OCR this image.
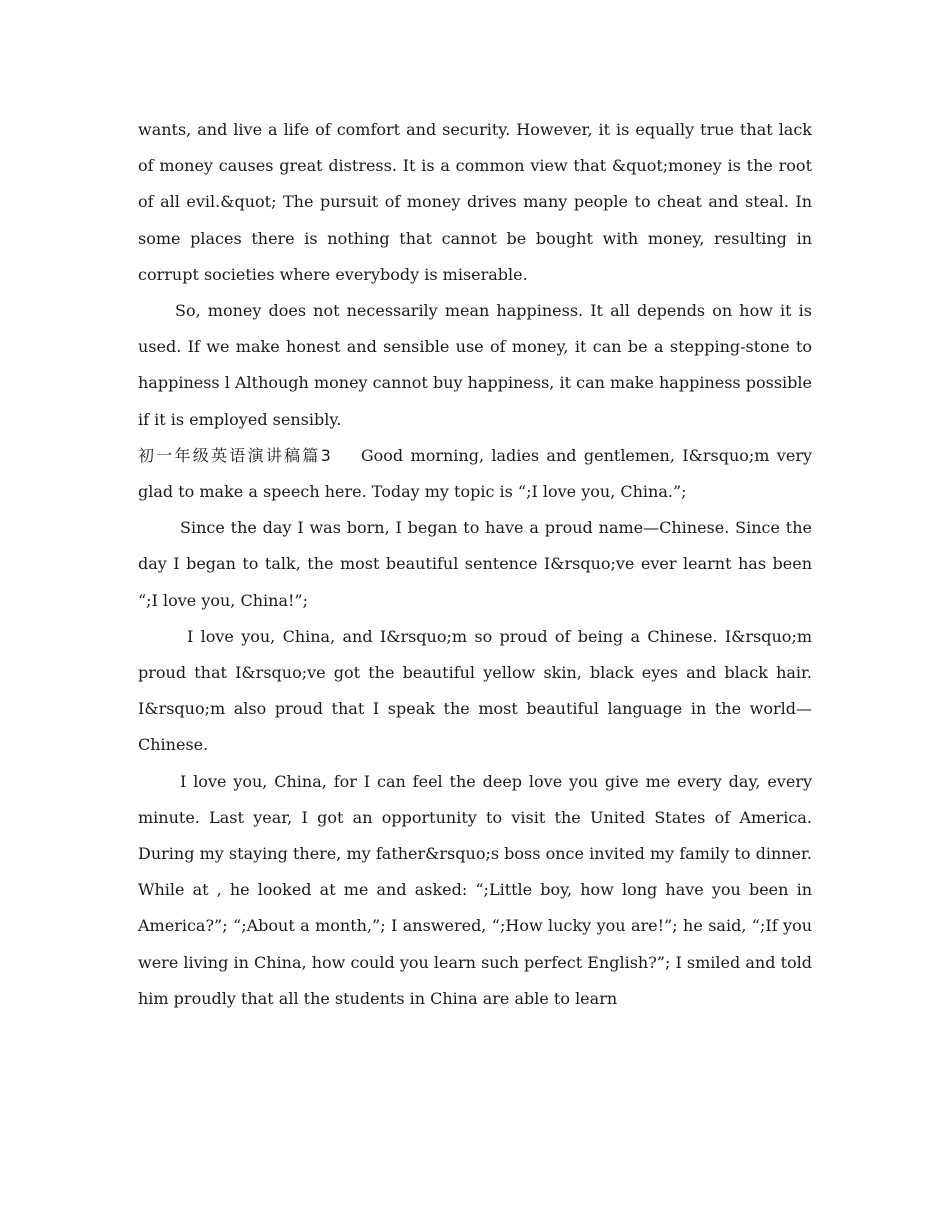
wants, and live a life of comfort and security. However, it is equally true that lack of money causes great distress. It is a common view that &quot;money is the root of all evil.&quot; The pursuit of money drives many people to cheat and steal. In some places there is nothing that cannot be bought with money, resulting in corrupt societies where everybody is miserable.

So, money does not necessarily mean happiness. It all depends on how it is used. If we make honest and sensible use of money, it can be a stepping-stone to happiness l Although money cannot buy happiness, it can make happiness possible if it is employed sensibly.

初一年级英语演讲稿篇3 Good morning, ladies and gentlemen, I&rsquo;m very glad to make a speech here. Today my topic is “;I love you, China.”;

Since the day I was born, I began to have a proud name—Chinese. Since the day I began to talk, the most beautiful sentence I&rsquo;ve ever learnt has been “;I love you, China!”;

I love you, China, and I&rsquo;m so proud of being a Chinese. I&rsquo;m proud that I&rsquo;ve got the beautiful yellow skin, black eyes and black hair. I&rsquo;m also proud that I speak the most beautiful language in the world—Chinese.

I love you, China, for I can feel the deep love you give me every day, every minute. Last year, I got an opportunity to visit the United States of America. During my staying there, my father&rsquo;s boss once invited my family to dinner. While at , he looked at me and asked: “;Little boy, how long have you been in America?”; “;About a month,”; I answered, “;How lucky you are!”; he said, “;If you were living in China, how could you learn such perfect English?”; I smiled and told him proudly that all the students in China are able to learn
